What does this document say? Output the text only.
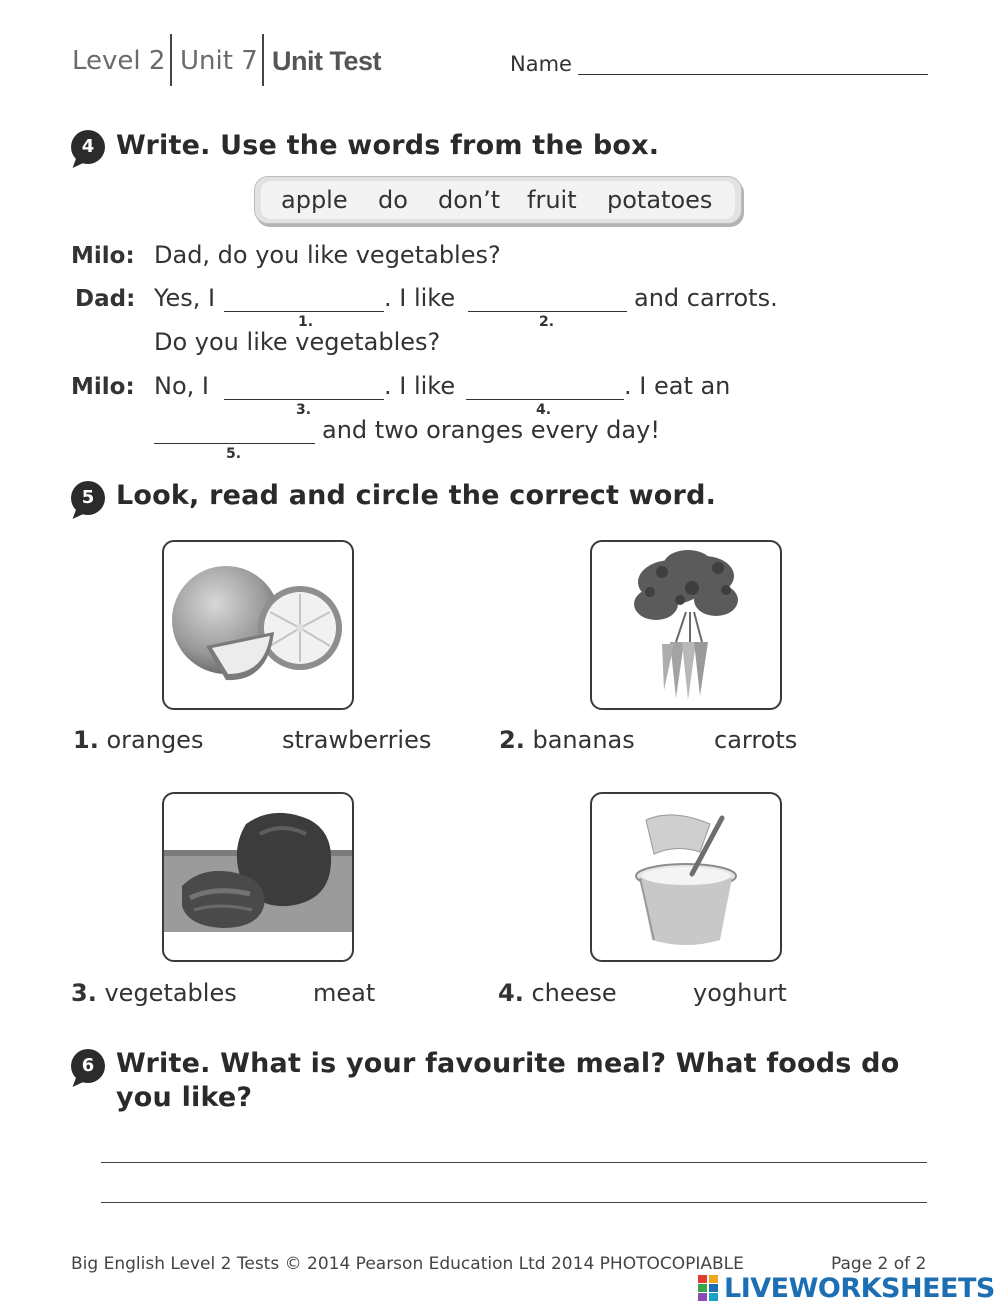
Level 2 Unit 7 Unit Test	Name
4 Write. Use the words from the box.
apple do don’t fruit potatoes
Milo: Dad, do you like vegetables?
Dad: Yes, I
1.
. I like
2.
and carrots.
Do you like vegetables?
Milo: No, I
3.
. I like
4.
. I eat an
5.
and two oranges every day!
5 Look, read and circle the correct word.
1. oranges	strawberries	2. bananas	carrots
3. vegetables	meat	4. cheese	yoghurt
6 Write. What is your favourite meal? What foods do
you like?
Big English Level 2 Tests © 2014 Pearson Education Ltd 2014 PHOTOCOPIABLE	Page 2 of 2
LIVEWORKSHEETS
